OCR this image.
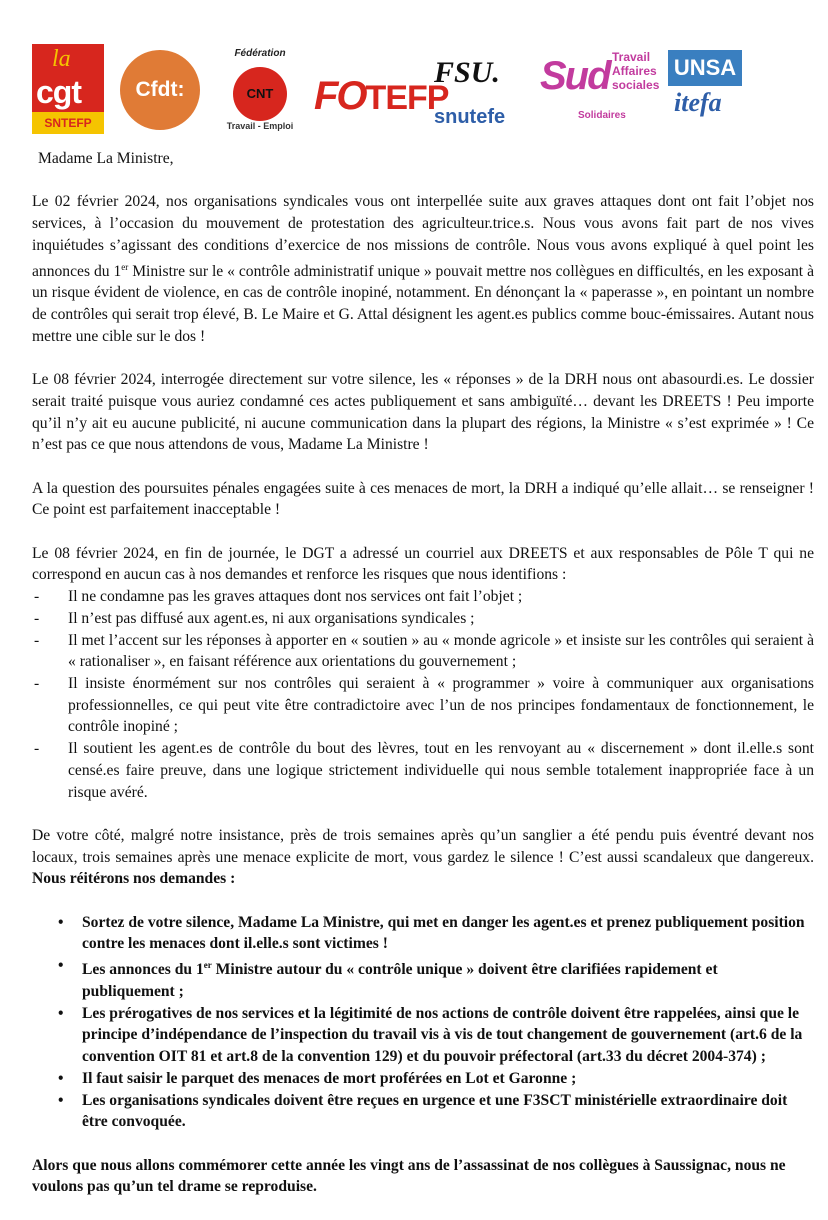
la
cgt
SNTEFP
Cfdt:
Fédération
CNT
Travail - Emploi
FOTEFP
FSU.
snutefe
Sud Travail Affaires sociales
Solidaires
UNSA
itefa

Madame La Ministre,

Le 02 février 2024, nos organisations syndicales vous ont interpellée suite aux graves attaques dont ont fait l’objet nos services, à l’occasion du mouvement de protestation des agriculteur.trice.s. Nous vous avons fait part de nos vives inquiétudes s’agissant des conditions d’exercice de nos missions de contrôle. Nous vous avons expliqué à quel point les annonces du 1er Ministre sur le « contrôle administratif unique » pouvait mettre nos collègues en difficultés, en les exposant à un risque évident de violence, en cas de contrôle inopiné, notamment. En dénonçant la « paperasse », en pointant un nombre de contrôles qui serait trop élevé, B. Le Maire et G. Attal désignent les agent.es publics comme bouc-émissaires. Autant nous mettre une cible sur le dos !

Le 08 février 2024, interrogée directement sur votre silence, les « réponses » de la DRH nous ont abasourdi.es. Le dossier serait traité puisque vous auriez condamné ces actes publiquement et sans ambiguïté… devant les DREETS ! Peu importe qu’il n’y ait eu aucune publicité, ni aucune communication dans la plupart des régions, la Ministre « s’est exprimée » ! Ce n’est pas ce que nous attendons de vous, Madame La Ministre !

A la question des poursuites pénales engagées suite à ces menaces de mort, la DRH a indiqué qu’elle allait… se renseigner ! Ce point est parfaitement inacceptable !

Le 08 février 2024, en fin de journée, le DGT a adressé un courriel aux DREETS et aux responsables de Pôle T qui ne correspond en aucun cas à nos demandes et renforce les risques que nous identifions :

- Il ne condamne pas les graves attaques dont nos services ont fait l’objet ;
- Il n’est pas diffusé aux agent.es, ni aux organisations syndicales ;
- Il met l’accent sur les réponses à apporter en « soutien » au « monde agricole » et insiste sur les contrôles qui seraient à « rationaliser », en faisant référence aux orientations du gouvernement ;
- Il insiste énormément sur nos contrôles qui seraient à « programmer » voire à communiquer aux organisations professionnelles, ce qui peut vite être contradictoire avec l’un de nos principes fondamentaux de fonctionnement, le contrôle inopiné ;
- Il soutient les agent.es de contrôle du bout des lèvres, tout en les renvoyant au « discernement » dont il.elle.s sont censé.es faire preuve, dans une logique strictement individuelle qui nous semble totalement inappropriée face à un risque avéré.

De votre côté, malgré notre insistance, près de trois semaines après qu’un sanglier a été pendu puis éventré devant nos locaux, trois semaines après une menace explicite de mort, vous gardez le silence ! C’est aussi scandaleux que dangereux. Nous réitérons nos demandes :

• Sortez de votre silence, Madame La Ministre, qui met en danger les agent.es et prenez publiquement position contre les menaces dont il.elle.s sont victimes !
• Les annonces du 1er Ministre autour du « contrôle unique » doivent être clarifiées rapidement et publiquement ;
• Les prérogatives de nos services et la légitimité de nos actions de contrôle doivent être rappelées, ainsi que le principe d’indépendance de l’inspection du travail vis à vis de tout changement de gouvernement (art.6 de la convention OIT 81 et art.8 de la convention 129) et du pouvoir préfectoral (art.33 du décret 2004-374) ;
• Il faut saisir le parquet des menaces de mort proférées en Lot et Garonne ;
• Les organisations syndicales doivent être reçues en urgence et une F3SCT ministérielle extraordinaire doit être convoquée.

Alors que nous allons commémorer cette année les vingt ans de l’assassinat de nos collègues à Saussignac, nous ne voulons pas qu’un tel drame se reproduise.
